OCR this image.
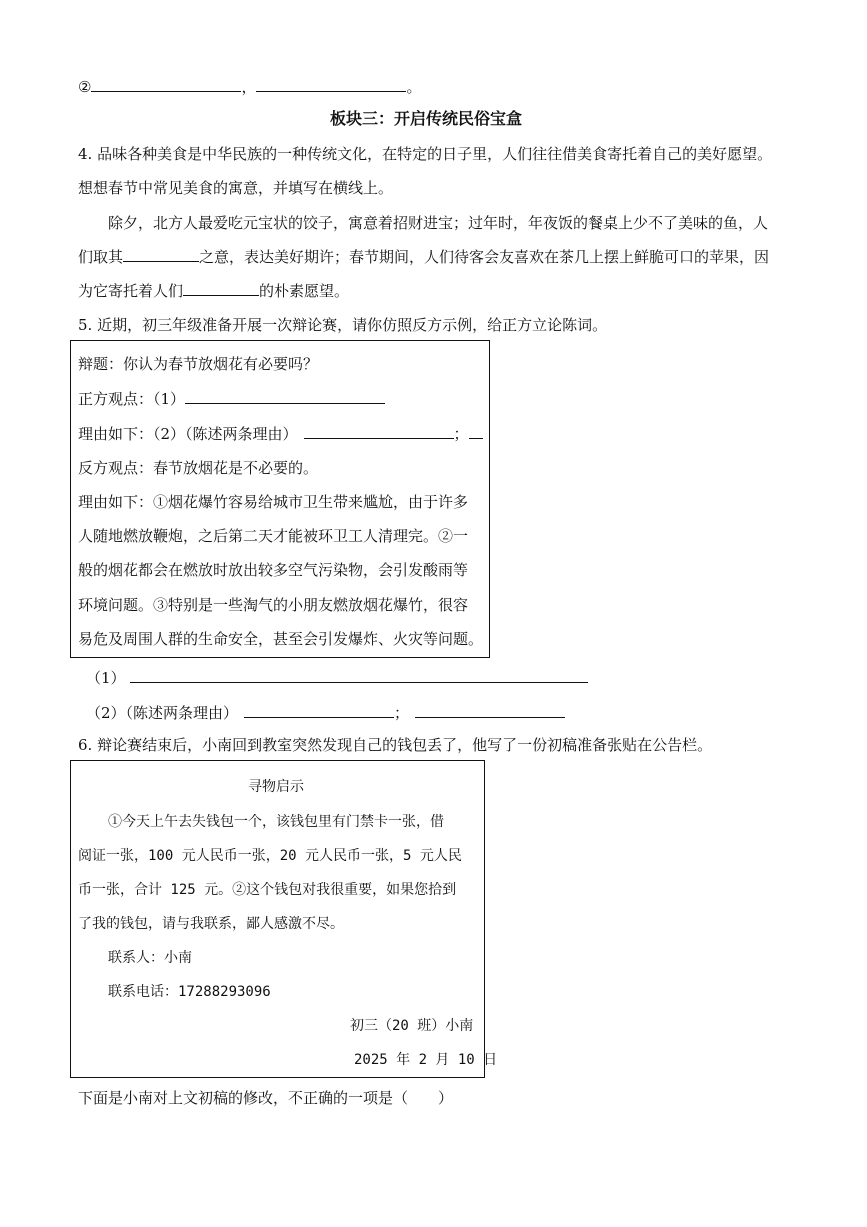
②	，	。
板块三：开启传统民俗宝盒
4. 品味各种美食是中华民族的一种传统文化，在特定的日子里，人们往往借美食寄托着自己的美好愿望。
想想春节中常见美食的寓意，并填写在横线上。
除夕，北方人最爱吃元宝状的饺子，寓意着招财进宝；过年时，年夜饭的餐桌上少不了美味的鱼，人
们取其	之意，表达美好期许；春节期间，人们待客会友喜欢在茶几上摆上鲜脆可口的苹果，因
为它寄托着人们	的朴素愿望。
5. 近期，初三年级准备开展一次辩论赛，请你仿照反方示例，给正方立论陈词。
辩题：你认为春节放烟花有必要吗？
正方观点：（1）
理由如下：（2）（陈述两条理由）	；
反方观点：春节放烟花是不必要的。
理由如下：①烟花爆竹容易给城市卫生带来尴尬，由于许多
人随地燃放鞭炮，之后第二天才能被环卫工人清理完。②一
般的烟花都会在燃放时放出较多空气污染物，会引发酸雨等
环境问题。③特别是一些淘气的小朋友燃放烟花爆竹，很容
易危及周围人群的生命安全，甚至会引发爆炸、火灾等问题。
（1）
（2）（陈述两条理由）	；
6. 辩论赛结束后，小南回到教室突然发现自己的钱包丢了，他写了一份初稿准备张贴在公告栏。
寻物启示
①今天上午去失钱包一个，该钱包里有门禁卡一张，借
阅证一张，100 元人民币一张，20 元人民币一张，5 元人民
币一张，合计 125 元。②这个钱包对我很重要，如果您拾到
了我的钱包，请与我联系，鄙人感激不尽。
联系人：小南
联系电话：17288293096
初三（20 班）小南
2025 年 2 月 10 日
下面是小南对上文初稿的修改，不正确的一项是（　　）
